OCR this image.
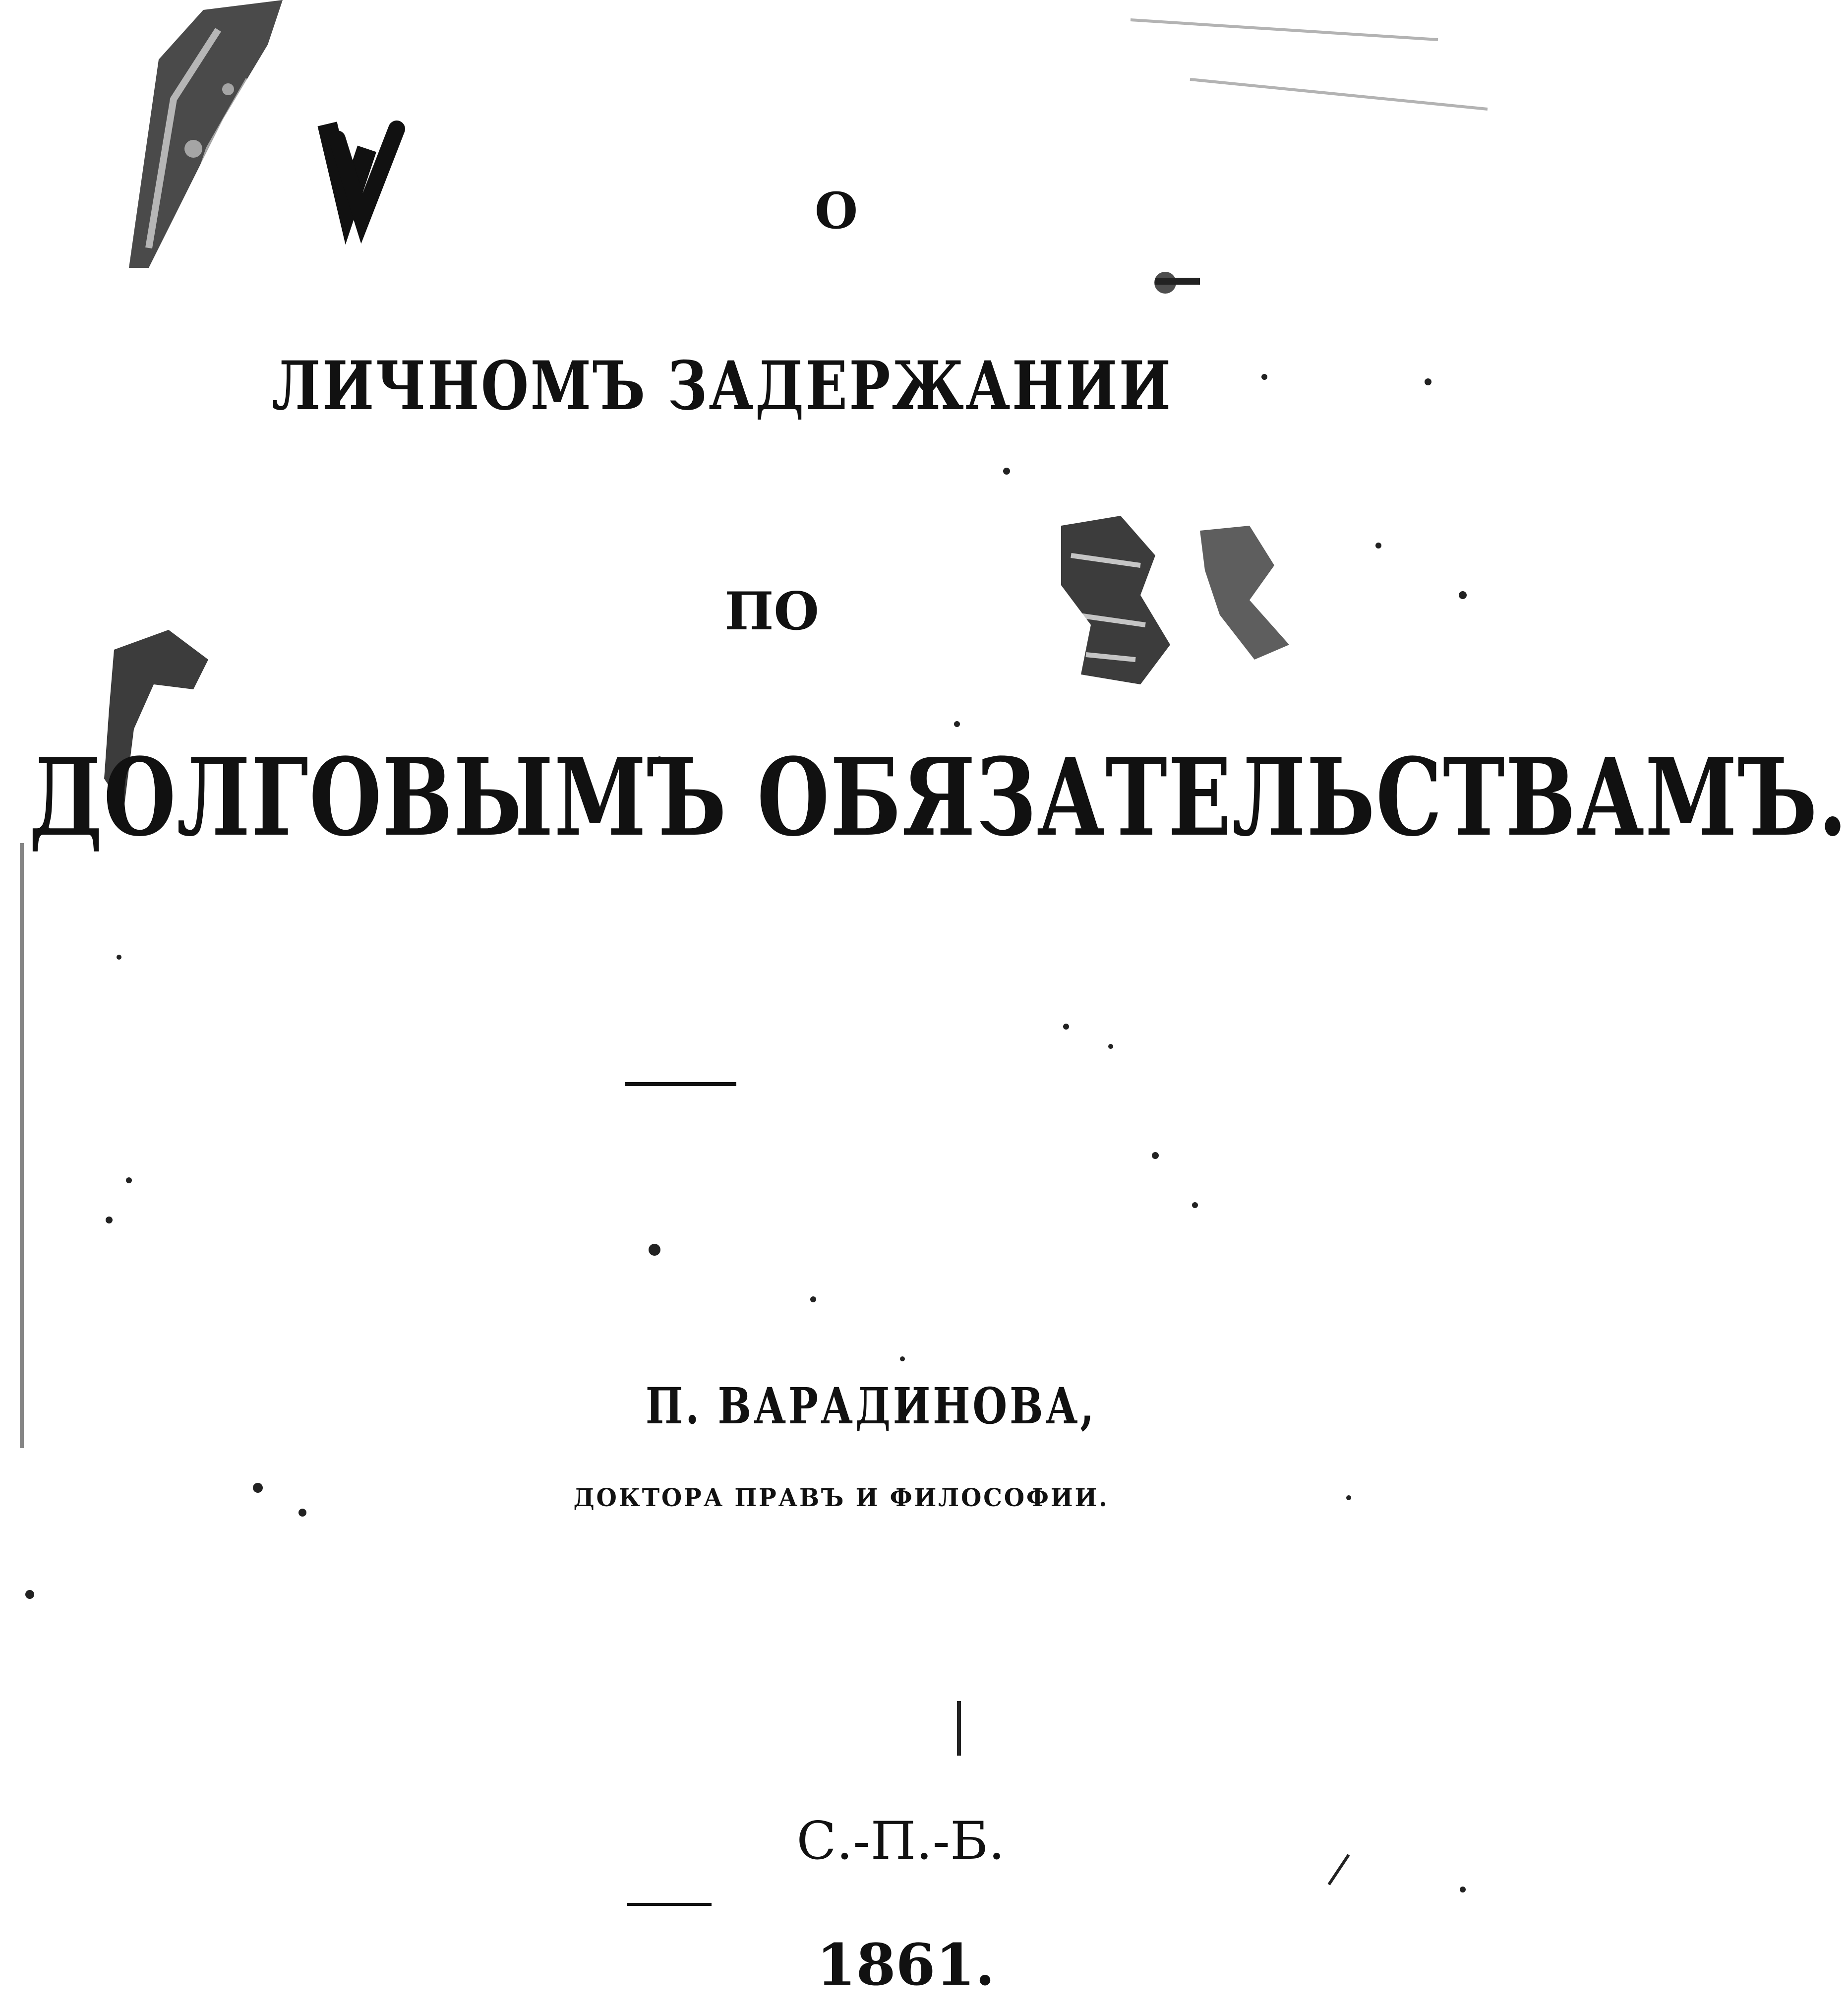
О
ЛИЧНОМЪ ЗАДЕРЖАНИИ
ПО
ДОЛГОВЫМЪ ОБЯЗАТЕЛЬСТВАМЪ.
П. ВАРАДИНОВА,
ДОКТОРА ПРАВЪ И ФИЛОСОФИИ.
С.-П.-Б.
1861.
